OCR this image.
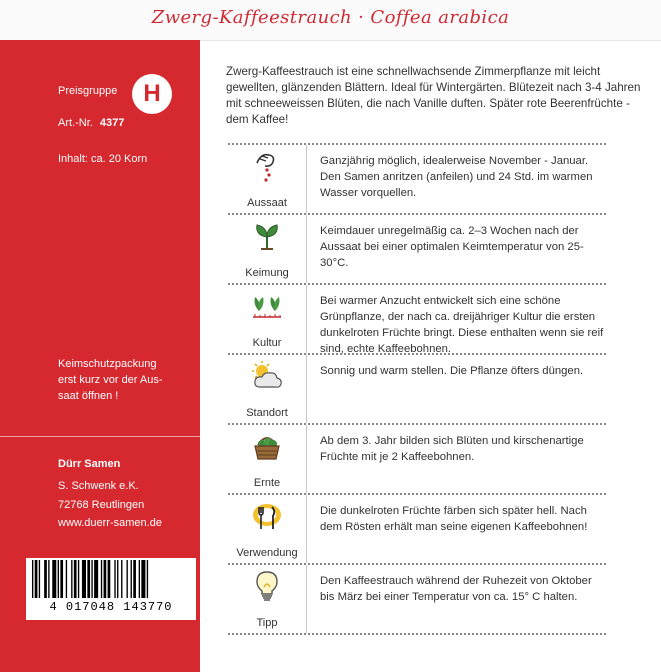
Zwerg-Kaffeestrauch · Coffea arabica
Preisgruppe	H
Art.-Nr. 4377
Inhalt: ca. 20 Korn
Keimschutzpackung
erst kurz vor der Aus-
saat öffnen !
Dürr Samen
S. Schwenk e.K.
72768 Reutlingen
www.duerr-samen.de
4 017048 143770
Zwerg-Kaffeestrauch ist eine schnellwachsende Zimmerpflanze mit leicht gewellten, glänzenden Blättern. Ideal für Wintergärten. Blütezeit nach 3-4 Jahren mit schneeweissen Blüten, die nach Vanille duften. Später rote Beerenfrüchte - dem Kaffee!
Aussaat
Ganzjährig möglich, idealerweise November - Januar. Den Samen anritzen (anfeilen) und 24 Std. im warmen Wasser vorquellen.
Keimung
Keimdauer unregelmäßig ca. 2–3 Wochen nach der Aussaat bei einer optimalen Keimtemperatur von 25-30°C.
Kultur
Bei warmer Anzucht entwickelt sich eine schöne Grünpflanze, der nach ca. dreijähriger Kultur die ersten dunkelroten Früchte bringt. Diese enthalten wenn sie reif sind, echte Kaffeebohnen.
Standort
Sonnig und warm stellen. Die Pflanze öfters düngen.
Ernte
Ab dem 3. Jahr bilden sich Blüten und kirschenartige Früchte mit je 2 Kaffeebohnen.
Verwendung
Die dunkelroten Früchte färben sich später hell. Nach dem Rösten erhält man seine eigenen Kaffeebohnen!
Tipp
Den Kaffeestrauch während der Ruhezeit von Oktober bis März bei einer Temperatur von ca. 15° C halten.
